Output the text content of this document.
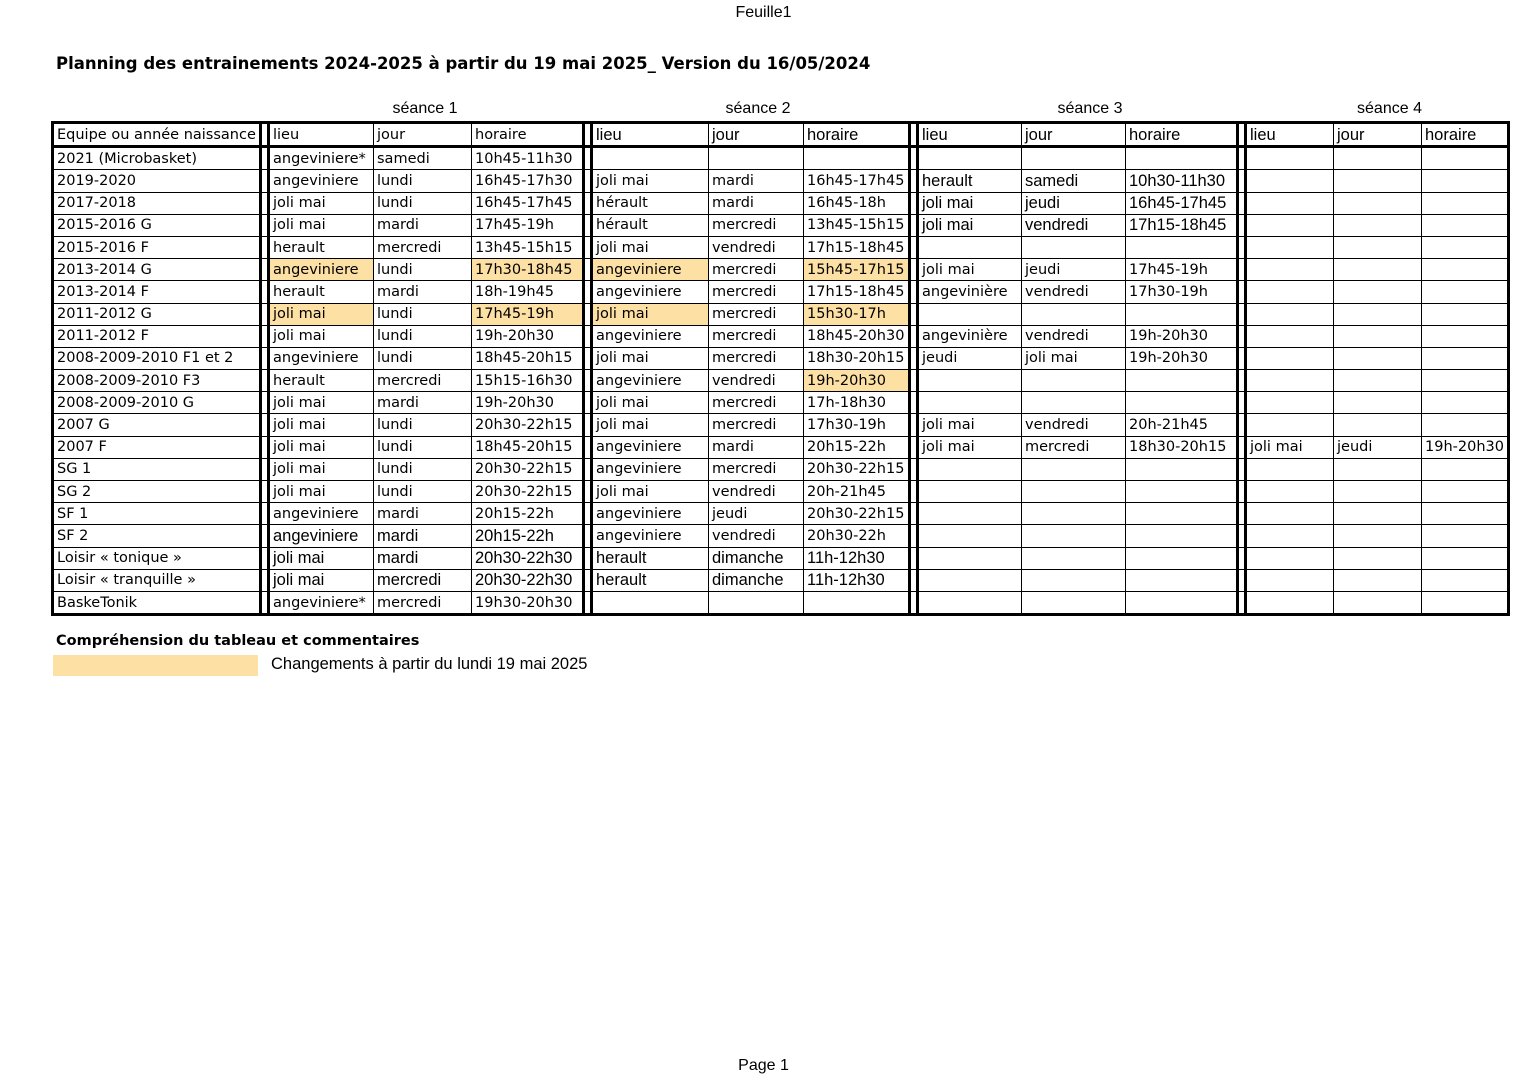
Feuille1
Planning des entrainements 2024-2025 à partir du 19 mai 2025_ Version du 16/05/2024
séance 1	séance 2	séance 3	séance 4
Equipe ou année naissance		lieu	jour	horaire		lieu	jour	horaire		lieu	jour	horaire		lieu	jour	horaire
2021 (Microbasket)		angeviniere*	samedi	10h45-11h30												
2019-2020		angeviniere	lundi	16h45-17h30		joli mai	mardi	16h45-17h45		herault	samedi	10h30-11h30				
2017-2018		joli mai	lundi	16h45-17h45		hérault	mardi	16h45-18h		joli mai	jeudi	16h45-17h45				
2015-2016 G		joli mai	mardi	17h45-19h		hérault	mercredi	13h45-15h15		joli mai	vendredi	17h15-18h45				
2015-2016 F		herault	mercredi	13h45-15h15		joli mai	vendredi	17h15-18h45								
2013-2014 G		angeviniere	lundi	17h30-18h45		angeviniere	mercredi	15h45-17h15		joli mai	jeudi	17h45-19h				
2013-2014 F		herault	mardi	18h-19h45		angeviniere	mercredi	17h15-18h45		angevinière	vendredi	17h30-19h				
2011-2012 G		joli mai	lundi	17h45-19h		joli mai	mercredi	15h30-17h								
2011-2012 F		joli mai	lundi	19h-20h30		angeviniere	mercredi	18h45-20h30		angevinière	vendredi	19h-20h30				
2008-2009-2010 F1 et 2		angeviniere	lundi	18h45-20h15		joli mai	mercredi	18h30-20h15		jeudi	joli mai	19h-20h30				
2008-2009-2010 F3		herault	mercredi	15h15-16h30		angeviniere	vendredi	19h-20h30								
2008-2009-2010 G		joli mai	mardi	19h-20h30		joli mai	mercredi	17h-18h30								
2007 G		joli mai	lundi	20h30-22h15		joli mai	mercredi	17h30-19h		joli mai	vendredi	20h-21h45				
2007 F		joli mai	lundi	18h45-20h15		angeviniere	mardi	20h15-22h		joli mai	mercredi	18h30-20h15		joli mai	jeudi	19h-20h30
SG 1		joli mai	lundi	20h30-22h15		angeviniere	mercredi	20h30-22h15								
SG 2		joli mai	lundi	20h30-22h15		joli mai	vendredi	20h-21h45								
SF 1		angeviniere	mardi	20h15-22h		angeviniere	jeudi	20h30-22h15								
SF 2		angeviniere	mardi	20h15-22h		angeviniere	vendredi	20h30-22h								
Loisir « tonique »		joli mai	mardi	20h30-22h30		herault	dimanche	11h-12h30								
Loisir « tranquille »		joli mai	mercredi	20h30-22h30		herault	dimanche	11h-12h30								
BaskeTonik		angeviniere*	mercredi	19h30-20h30												
Compréhension du tableau et commentaires
Changements à partir du lundi 19 mai 2025
Page 1
